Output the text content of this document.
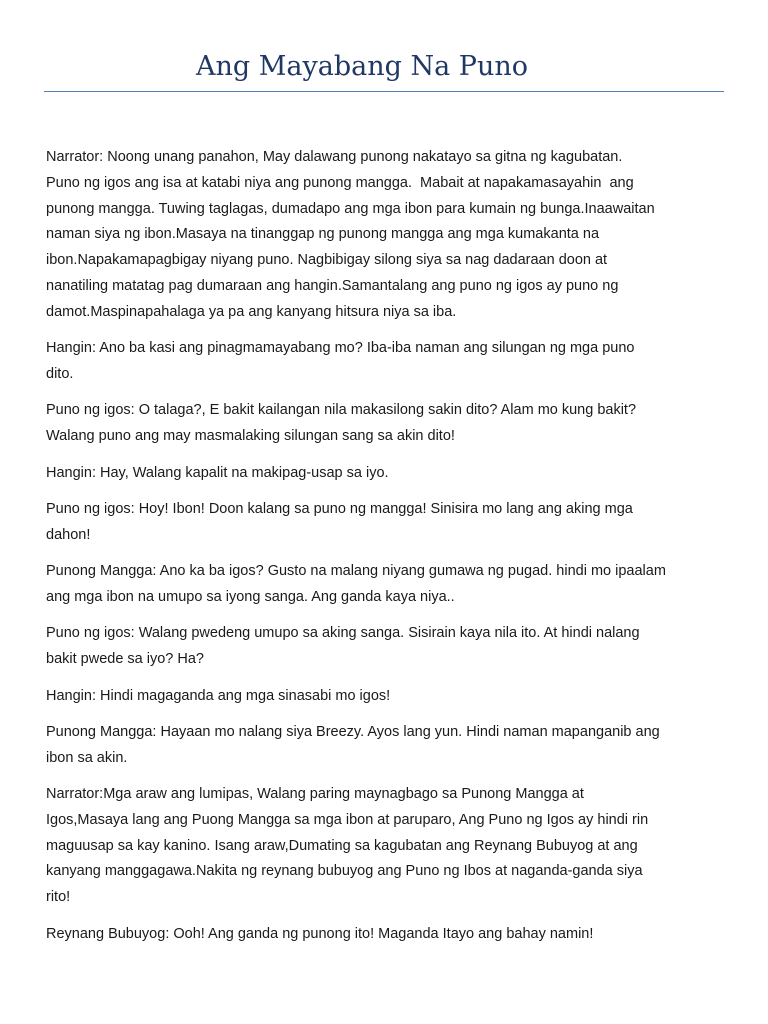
Ang Mayabang Na Puno

Narrator: Noong unang panahon, May dalawang punong nakatayo sa gitna ng kagubatan.
Puno ng igos ang isa at katabi niya ang punong mangga.  Mabait at napakamasayahin  ang
punong mangga. Tuwing taglagas, dumadapo ang mga ibon para kumain ng bunga.Inaawaitan
naman siya ng ibon.Masaya na tinanggap ng punong mangga ang mga kumakanta na
ibon.Napakamapagbigay niyang puno. Nagbibigay silong siya sa nag dadaraan doon at
nanatiling matatag pag dumaraan ang hangin.Samantalang ang puno ng igos ay puno ng
damot.Maspinapahalaga ya pa ang kanyang hitsura niya sa iba.

Hangin: Ano ba kasi ang pinagmamayabang mo? Iba-iba naman ang silungan ng mga puno
dito.

Puno ng igos: O talaga?, E bakit kailangan nila makasilong sakin dito? Alam mo kung bakit?
Walang puno ang may masmalaking silungan sang sa akin dito!

Hangin: Hay, Walang kapalit na makipag-usap sa iyo.

Puno ng igos: Hoy! Ibon! Doon kalang sa puno ng mangga! Sinisira mo lang ang aking mga
dahon!

Punong Mangga: Ano ka ba igos? Gusto na malang niyang gumawa ng pugad. hindi mo ipaalam
ang mga ibon na umupo sa iyong sanga. Ang ganda kaya niya..

Puno ng igos: Walang pwedeng umupo sa aking sanga. Sisirain kaya nila ito. At hindi nalang
bakit pwede sa iyo? Ha?

Hangin: Hindi magaganda ang mga sinasabi mo igos!

Punong Mangga: Hayaan mo nalang siya Breezy. Ayos lang yun. Hindi naman mapanganib ang
ibon sa akin.

Narrator:Mga araw ang lumipas, Walang paring maynagbago sa Punong Mangga at
Igos,Masaya lang ang Puong Mangga sa mga ibon at paruparo, Ang Puno ng Igos ay hindi rin
maguusap sa kay kanino. Isang araw,Dumating sa kagubatan ang Reynang Bubuyog at ang
kanyang manggagawa.Nakita ng reynang bubuyog ang Puno ng Ibos at naganda-ganda siya
rito!

Reynang Bubuyog: Ooh! Ang ganda ng punong ito! Maganda Itayo ang bahay namin!
